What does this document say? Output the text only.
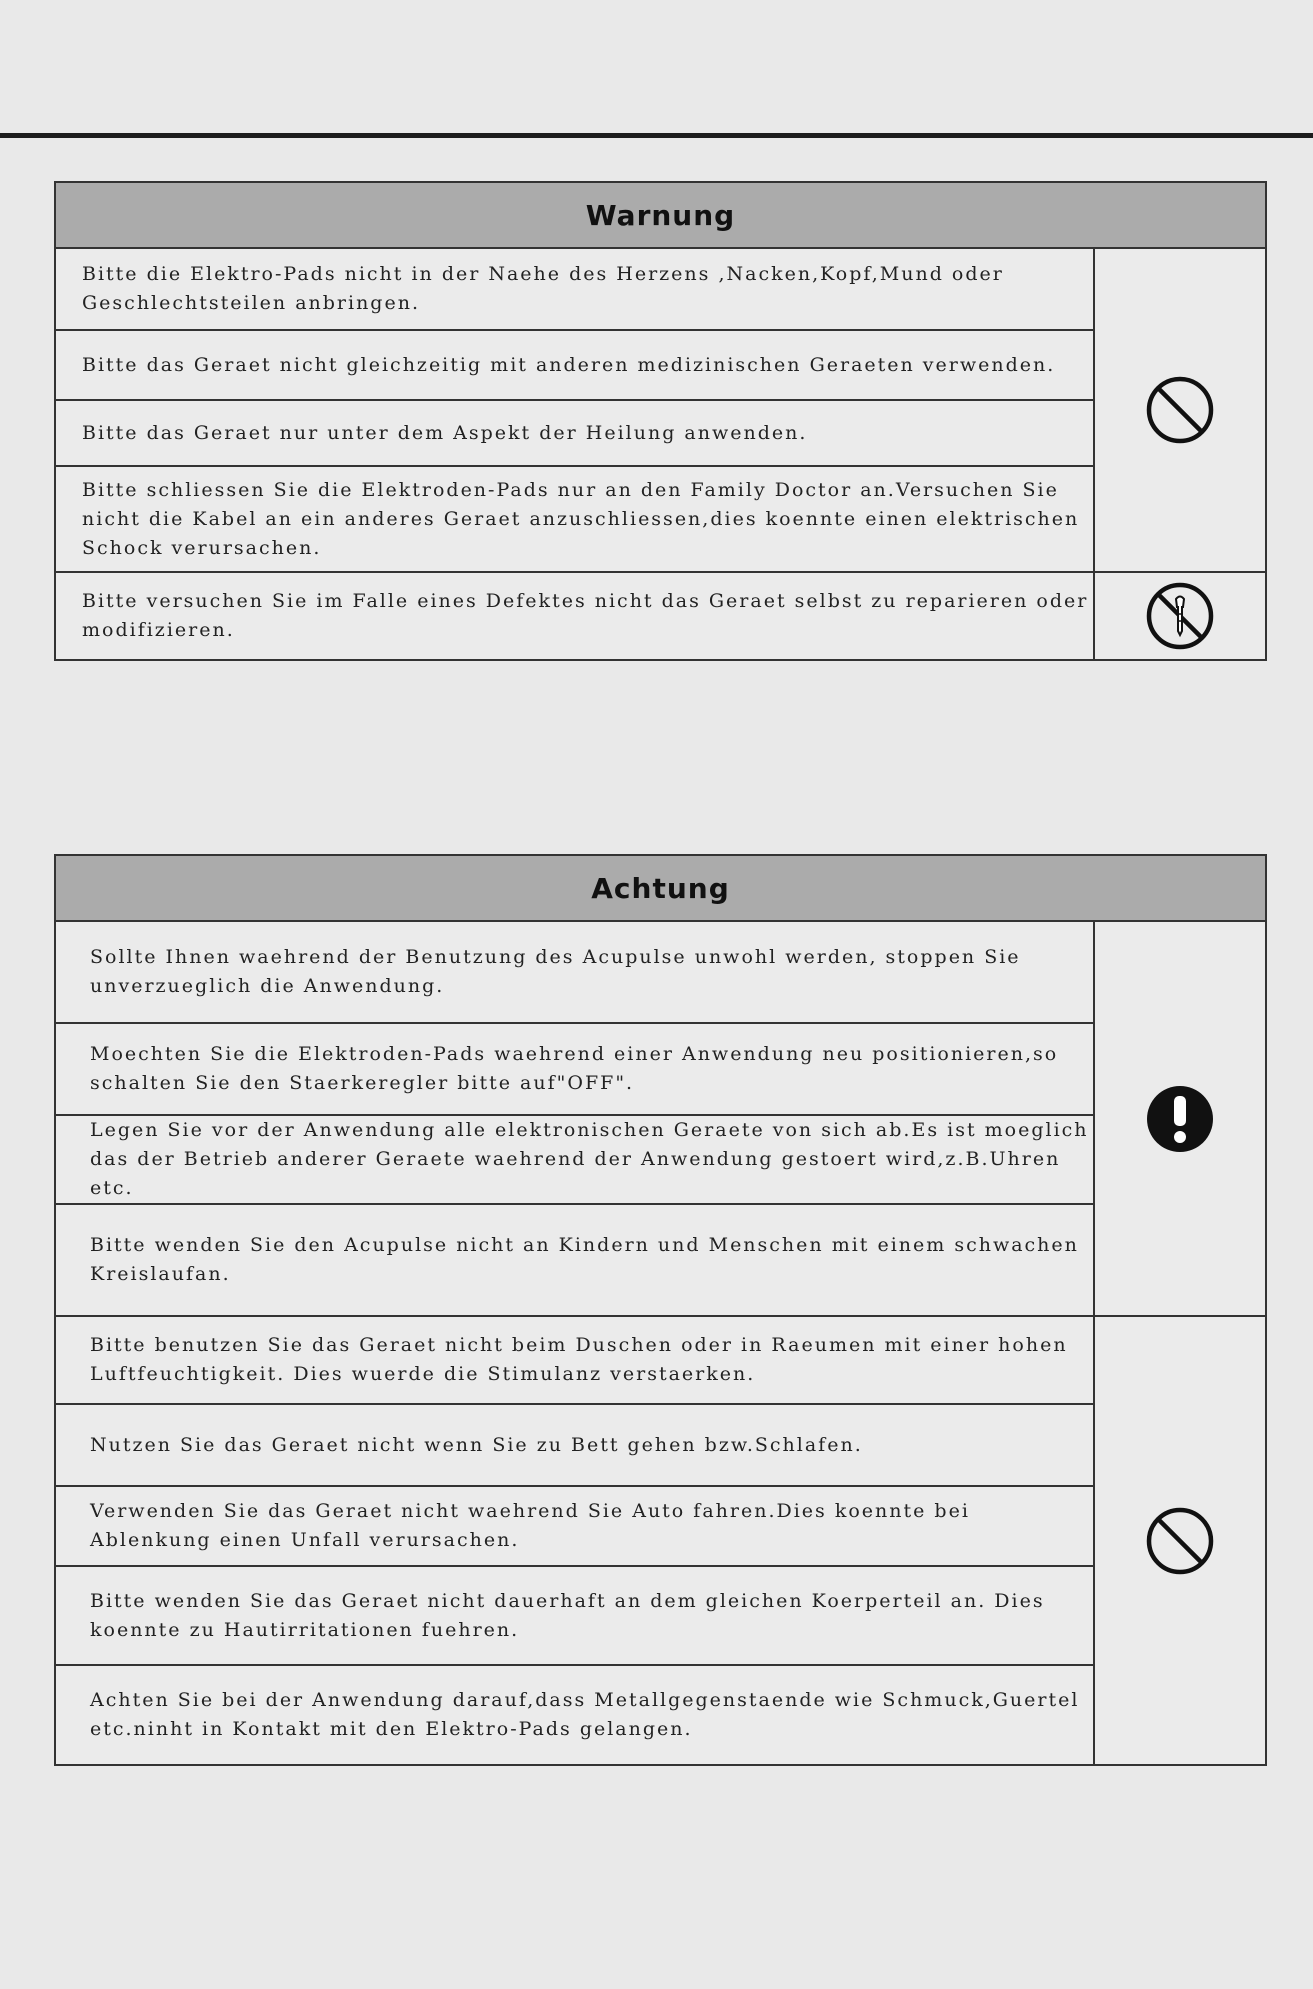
Warnung	
Bitte die Elektro-Pads nicht in der Naehe des Herzens ,Nacken,Kopf,Mund oder Geschlechtsteilen anbringen.	

Bitte das Geraet nicht gleichzeitig mit anderen medizinischen Geraeten verwenden.	
Bitte das Geraet nur unter dem Aspekt der Heilung anwenden.	
Bitte schliessen Sie die Elektroden-Pads nur an den Family Doctor an.Versuchen Sie nicht die Kabel an ein anderes Geraet anzuschliessen,dies koennte einen elektrischen Schock verursachen.	
Bitte versuchen Sie im Falle eines Defektes nicht das Geraet selbst zu reparieren oder modifizieren.	
Achtung	
Sollte Ihnen waehrend der Benutzung des Acupulse unwohl werden, stoppen Sie unverzueglich die Anwendung.	

Moechten Sie die Elektroden-Pads waehrend einer Anwendung neu positionieren,so schalten Sie den Staerkeregler bitte auf"OFF".	
Legen Sie vor der Anwendung alle elektronischen Geraete von sich ab.Es ist moeglich das der Betrieb anderer Geraete waehrend der Anwendung gestoert wird,z.B.Uhren etc.	
Bitte wenden Sie den Acupulse nicht an Kindern und Menschen mit einem schwachen Kreislaufan.	
Bitte benutzen Sie das Geraet nicht beim Duschen oder in Raeumen mit einer hohen Luftfeuchtigkeit. Dies wuerde die Stimulanz verstaerken.	

Nutzen Sie das Geraet nicht wenn Sie zu Bett gehen bzw.Schlafen.	
Verwenden Sie das Geraet nicht waehrend Sie Auto fahren.Dies koennte bei Ablenkung einen Unfall verursachen.	
Bitte wenden Sie das Geraet nicht dauerhaft an dem gleichen Koerperteil an. Dies koennte zu Hautirritationen fuehren.	
Achten Sie bei der Anwendung darauf,dass Metallgegenstaende wie Schmuck,Guertel etc.ninht in Kontakt mit den Elektro-Pads gelangen.	
